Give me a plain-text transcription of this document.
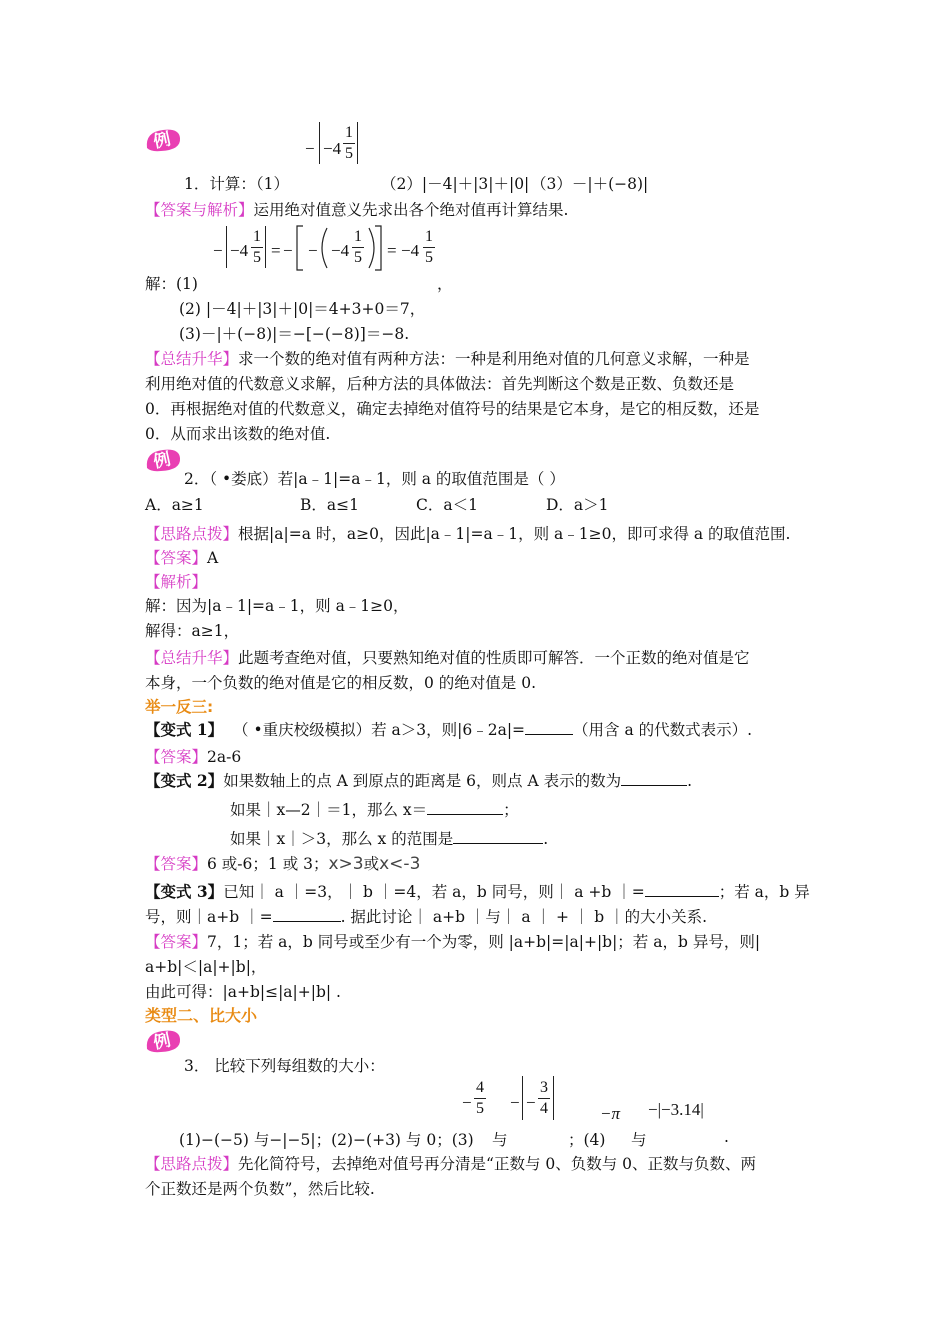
例	− −4
1
5
1．计算：（1）	（2）|－4|＋|3|＋|0| （3）－|＋(−8)|
【答案与解析】运用绝对值意义先求出各个绝对值再计算结果.
− −4
1
5 = − − −4
1
5 = −4
1
5
解：(1)	，
(2) |－4|＋|3|＋|0|＝4+3+0＝7，
(3)－|＋(−8)|＝−[−(−8)]＝−8.
【总结升华】求一个数的绝对值有两种方法：一种是利用绝对值的几何意义求解，一种是
利用绝对值的代数意义求解，后种方法的具体做法：首先判断这个数是正数、负数还是
0．再根据绝对值的代数意义，确定去掉绝对值符号的结果是它本身，是它的相反数，还是
0．从而求出该数的绝对值.
例
2．（ •娄底）若|a﹣1|=a﹣1，则 a 的取值范围是（ ）
A．a≥1	B．a≤1	C．a＜1	D．a＞1
【思路点拨】根据|a|=a 时，a≥0，因此|a﹣1|=a﹣1，则 a﹣1≥0，即可求得 a 的取值范围.
【答案】A
【解析】
解：因为|a﹣1|=a﹣1，则 a﹣1≥0，
解得：a≥1，
【总结升华】此题考查绝对值，只要熟知绝对值的性质即可解答．一个正数的绝对值是它
本身，一个负数的绝对值是它的相反数，0 的绝对值是 0.
举一反三:
【变式 1】 （ •重庆校级模拟）若 a＞3，则|6﹣2a|=	（用含 a 的代数式表示）.
【答案】2a-6
【变式 2】如果数轴上的点 A 到原点的距离是 6，则点 A 表示的数为	.
如果｜x—2｜＝1，那么 x＝	；
如果｜x｜＞3，那么 x 的范围是	.
【答案】6 或-6；1 或 3；x>3或x<-3
【变式 3】已知｜ a ｜=3，｜ b ｜=4，若 a，b 同号，则｜ a +b ｜=	；若 a，b 异
号，则｜a+b ｜=	. 据此讨论｜ a+b ｜与｜ a ｜ + ｜ b ｜的大小关系.
【答案】7，1；若 a，b 同号或至少有一个为零，则 |a+b|=|a|+|b|；若 a，b 异号，则|
a+b|＜|a|+|b|，
由此可得：|a+b|≤|a|+|b| .
类型二、比大小
例
3． 比较下列每组数的大小：
−
4
5 − −
3
4	−π −|−3.14|
(1)−(−5) 与−|−5|；(2)−(+3) 与 0；(3) 与	；(4) 与	.
【思路点拨】先化简符号，去掉绝对值号再分清是“正数与 0、负数与 0、正数与负数、两
个正数还是两个负数”，然后比较.
